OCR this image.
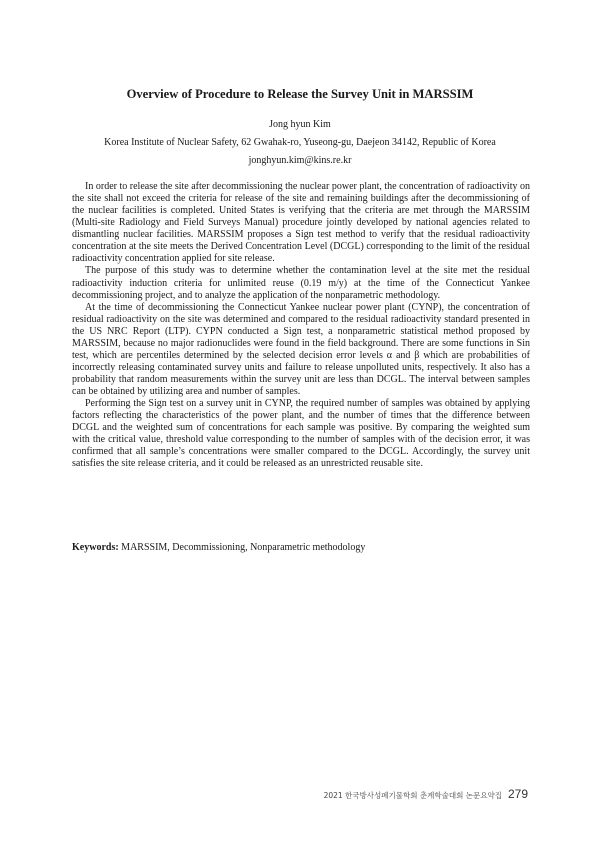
Overview of Procedure to Release the Survey Unit in MARSSIM
Jong hyun Kim
Korea Institute of Nuclear Safety, 62 Gwahak-ro, Yuseong-gu, Daejeon 34142, Republic of Korea
jonghyun.kim@kins.re.kr

In order to release the site after decommissioning the nuclear power plant, the concentration of radioactivity on the site shall not exceed the criteria for release of the site and remaining buildings after the decommissioning of the nuclear facilities is completed. United States is verifying that the criteria are met through the MARSSIM (Multi-site Radiology and Field Surveys Manual) procedure jointly developed by national agencies related to dismantling nuclear facilities. MARSSIM proposes a Sign test method to verify that the residual radioactivity concentration at the site meets the Derived Concentration Level (DCGL) corresponding to the limit of the residual radioactivity concentration applied for site release.

The purpose of this study was to determine whether the contamination level at the site met the residual radioactivity induction criteria for unlimited reuse (0.19 m/y) at the time of the Connecticut Yankee decommissioning project, and to analyze the application of the nonparametric methodology.

At the time of decommissioning the Connecticut Yankee nuclear power plant (CYNP), the concentration of residual radioactivity on the site was determined and compared to the residual radioactivity standard presented in the US NRC Report (LTP). CYPN conducted a Sign test, a nonparametric statistical method proposed by MARSSIM, because no major radionuclides were found in the field background. There are some functions in Sin test, which are percentiles determined by the selected decision error levels α and β which are probabilities of incorrectly releasing contaminated survey units and failure to release unpolluted units, respectively. It also has a probability that random measurements within the survey unit are less than DCGL. The interval between samples can be obtained by utilizing area and number of samples.

Performing the Sign test on a survey unit in CYNP, the required number of samples was obtained by applying factors reflecting the characteristics of the power plant, and the number of times that the difference between DCGL and the weighted sum of concentrations for each sample was positive. By comparing the weighted sum with the critical value, threshold value corresponding to the number of samples with of the decision error, it was confirmed that all sample’s concentrations were smaller compared to the DCGL. Accordingly, the survey unit satisfies the site release criteria, and it could be released as an unrestricted reusable site.

Keywords: MARSSIM, Decommissioning, Nonparametric methodology
2021 한국방사성폐기물학회 춘계학술대회 논문요약집 279
